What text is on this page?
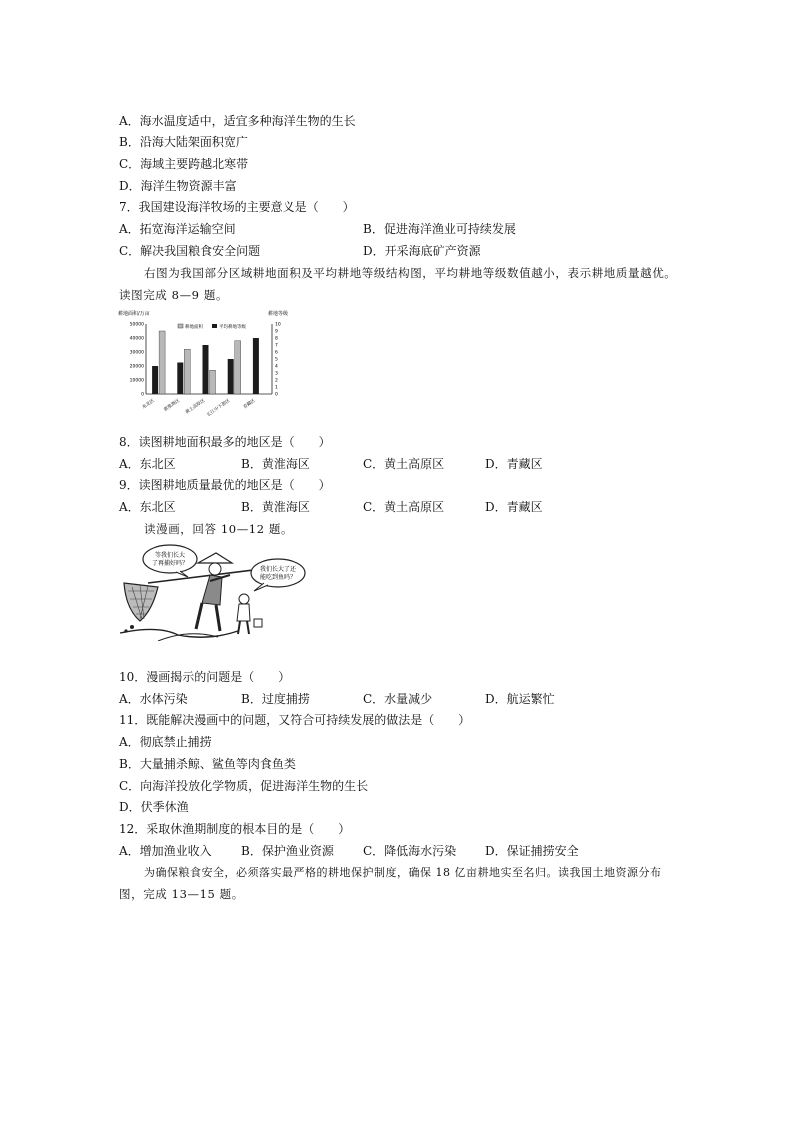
A．海水温度适中，适宜多种海洋生物的生长
B．沿海大陆架面积宽广
C．海域主要跨越北寒带
D．海洋生物资源丰富
7．我国建设海洋牧场的主要意义是（　　）
A．拓宽海洋运输空间	B．促进海洋渔业可持续发展
C．解决我国粮食安全问题	D．开采海底矿产资源
右图为我国部分区域耕地面积及平均耕地等级结构图，平均耕地等级数值越小，表示耕地质量越优。
读图完成 8—9 题。
耕地面积/万亩	耕地等级
耕地面积	平均耕地等级
50000
40000
30000
20000
10000
0
10
9
8
7
6
5
4
3
2
1
0
东北区 黄淮海区 黄土高原区 长江中下游区	青藏区
8．读图耕地面积最多的地区是（　　）
A．东北区	B．黄淮海区	C．黄土高原区	D．青藏区
9．读图耕地质量最优的地区是（　　）
A．东北区	B．黄淮海区	C．黄土高原区	D．青藏区
读漫画，回答 10—12 题。
等我们长大
了再捕好吗？
我们长大了还
能吃到鱼吗？
10．漫画揭示的问题是（　　）
A．水体污染	B．过度捕捞	C．水量减少	D．航运繁忙
11．既能解决漫画中的问题，又符合可持续发展的做法是（　　）
A．彻底禁止捕捞
B．大量捕杀鲸、鲨鱼等肉食鱼类
C．向海洋投放化学物质，促进海洋生物的生长
D．伏季休渔
12．采取休渔期制度的根本目的是（　　）
A．增加渔业收入 B．保护渔业资源 C．降低海水污染 D．保证捕捞安全
为确保粮食安全，必须落实最严格的耕地保护制度，确保 18 亿亩耕地实至名归。读我国土地资源分布
图，完成 13—15 题。
